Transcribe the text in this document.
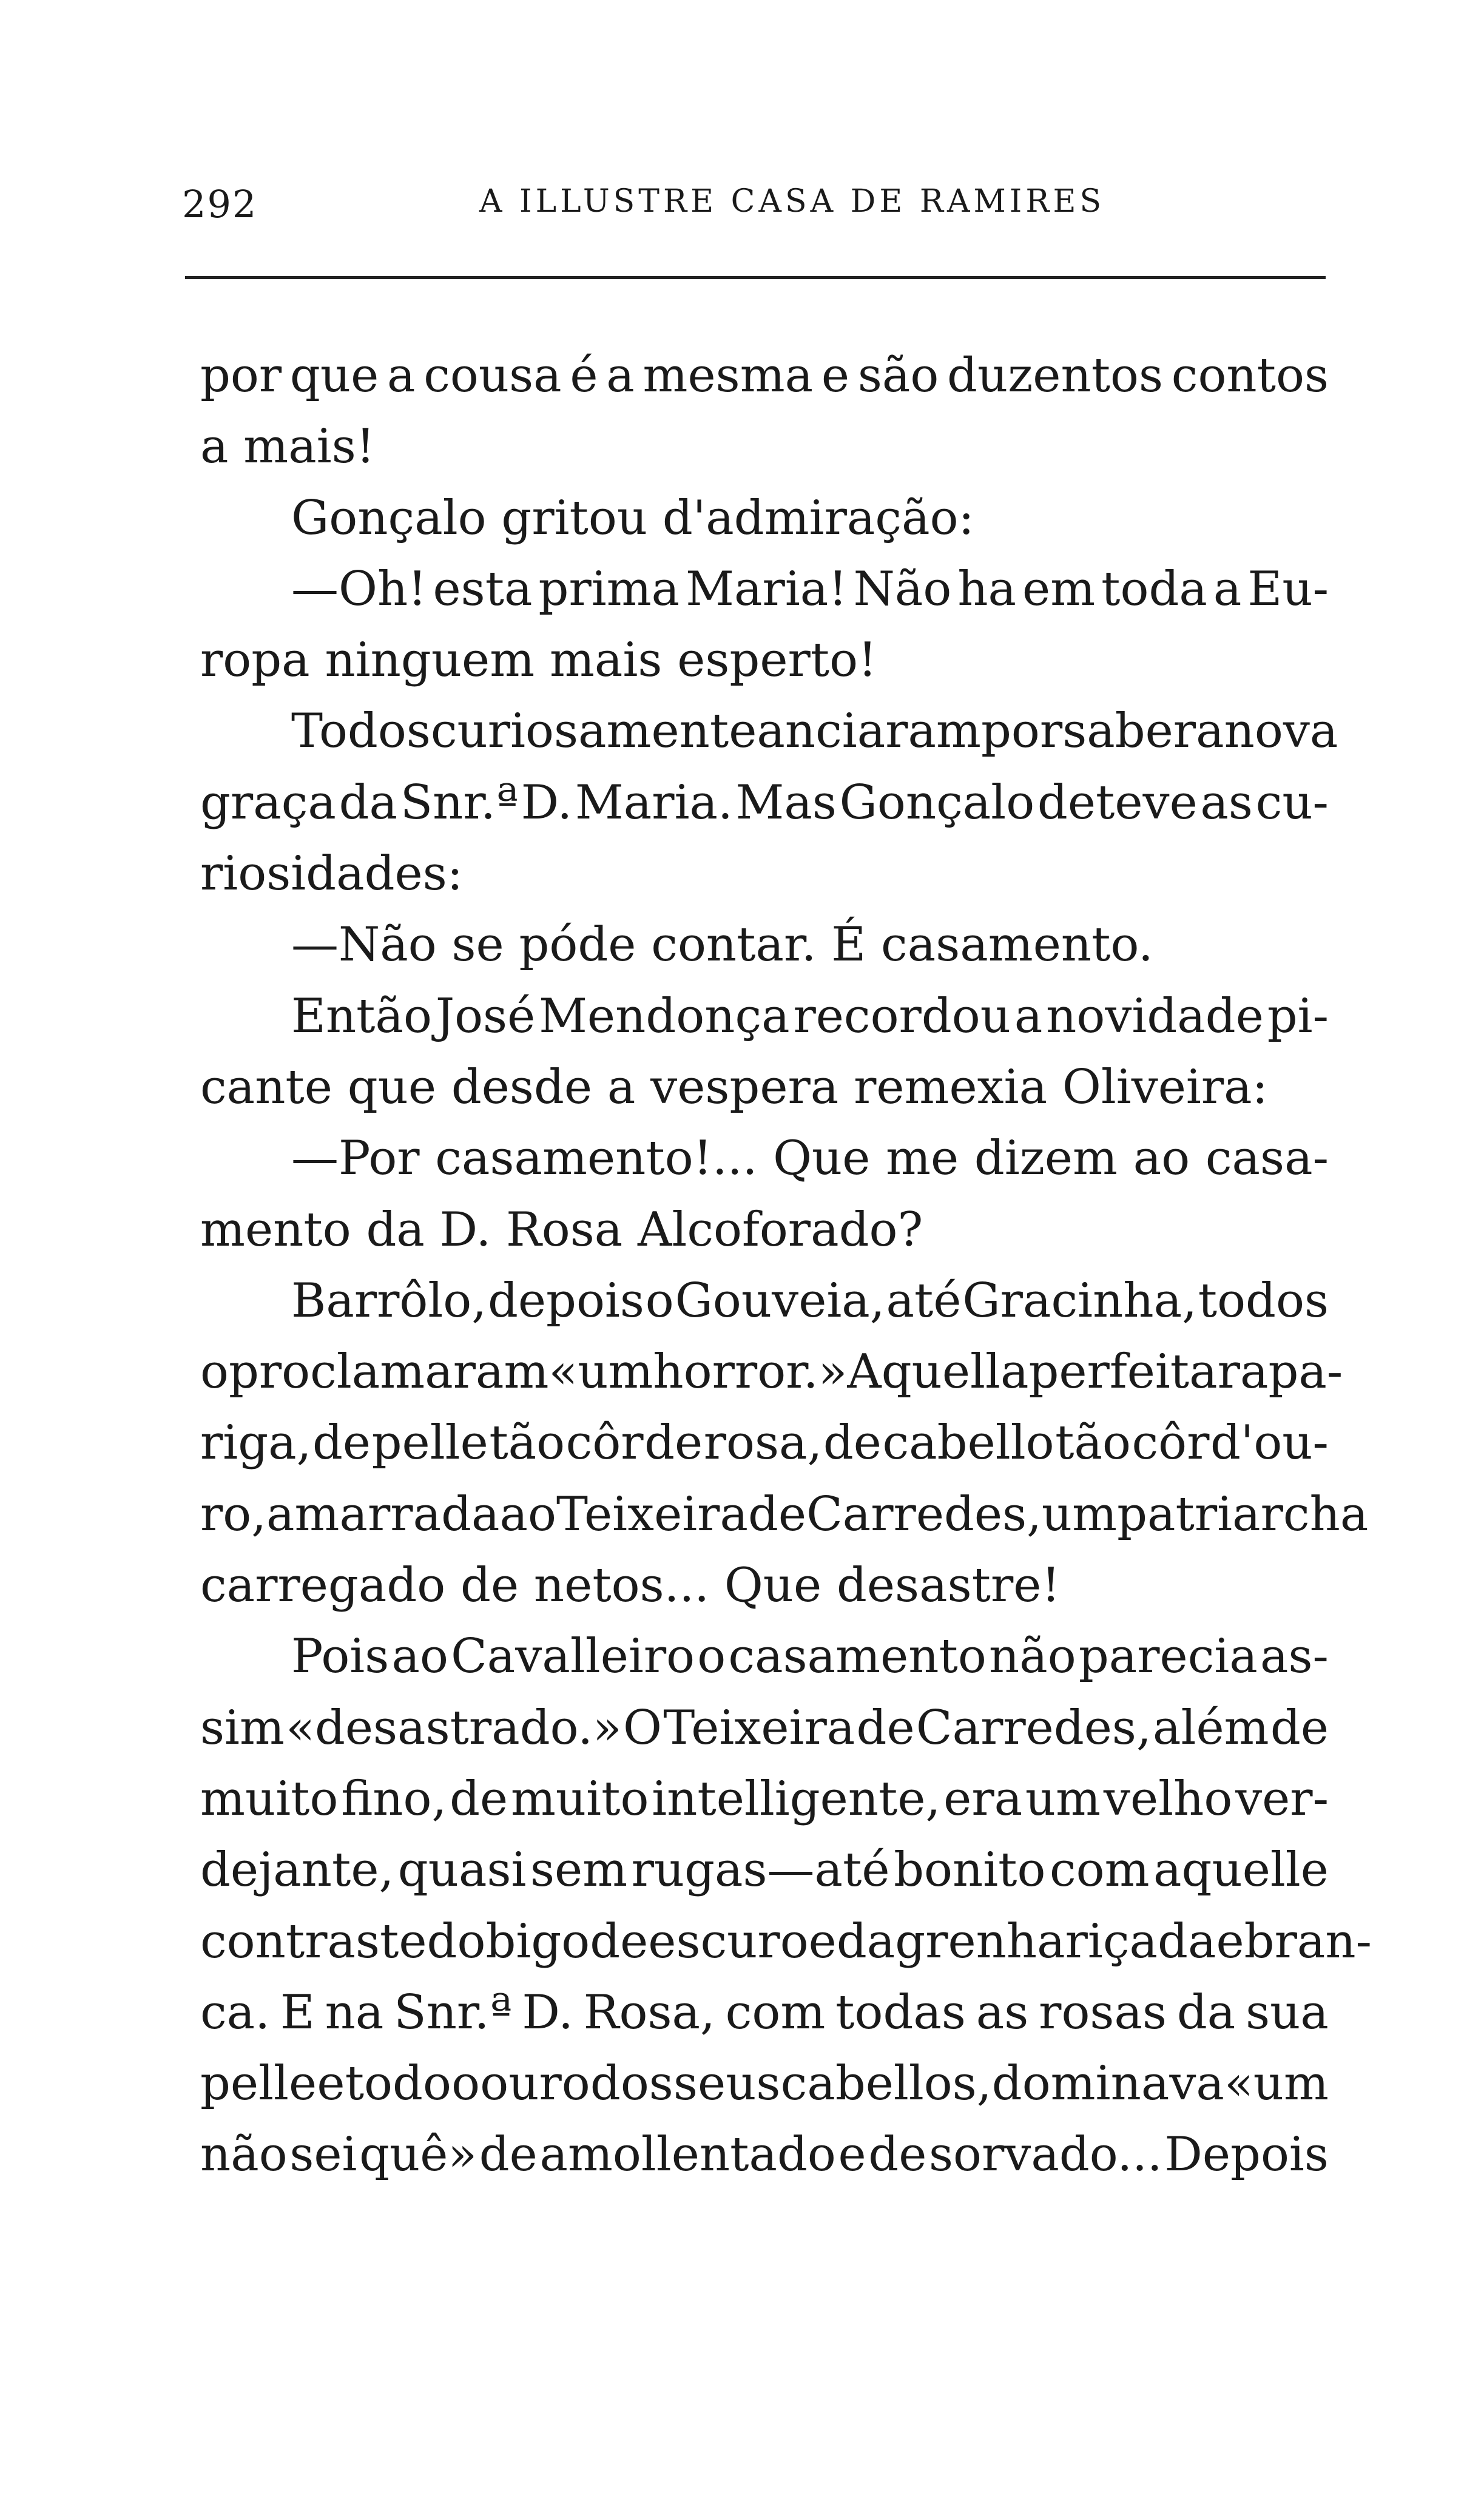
292	A ILLUSTRE CASA DE RAMIRES
por que a cousa é a mesma e são duzentos contos
a mais!
Gonçalo gritou d'admiração:
—Oh! esta prima Maria! Não ha em toda a Eu-
ropa ninguem mais esperto!
Todos curiosamente anciaram por saber a nova
graça da Snr.ª D. Maria. Mas Gonçalo deteve as cu-
riosidades:
—Não se póde contar. É casamento.
Então José Mendonça recordou a novidade pi-
cante que desde a vespera remexia Oliveira:
—Por casamento!... Que me dizem ao casa-
mento da D. Rosa Alcoforado?
Barrôlo, depois o Gouveia, até Gracinha, todos
o proclamaram «um horror.» Aquella perfeita rapa-
riga, de pelle tão côr de rosa, de cabello tão côr d'ou-
ro, amarrada ao Teixeira de Carredes, um patriarcha
carregado de netos... Que desastre!
Pois ao Cavalleiro o casamento não parecia as-
sim «desastrado.» O Teixeira de Carredes, além de
muito fino, de muito intelligente, era um velho ver-
dejante, quasi sem rugas—até bonito com aquelle
contraste do bigode escuro e da grenha riçada e bran-
ca. E na Snr.ª D. Rosa, com todas as rosas da sua
pelle e todo o ouro dos seus cabellos, dominava «um
não sei quê» de amollentado e de sorvado... Depois
